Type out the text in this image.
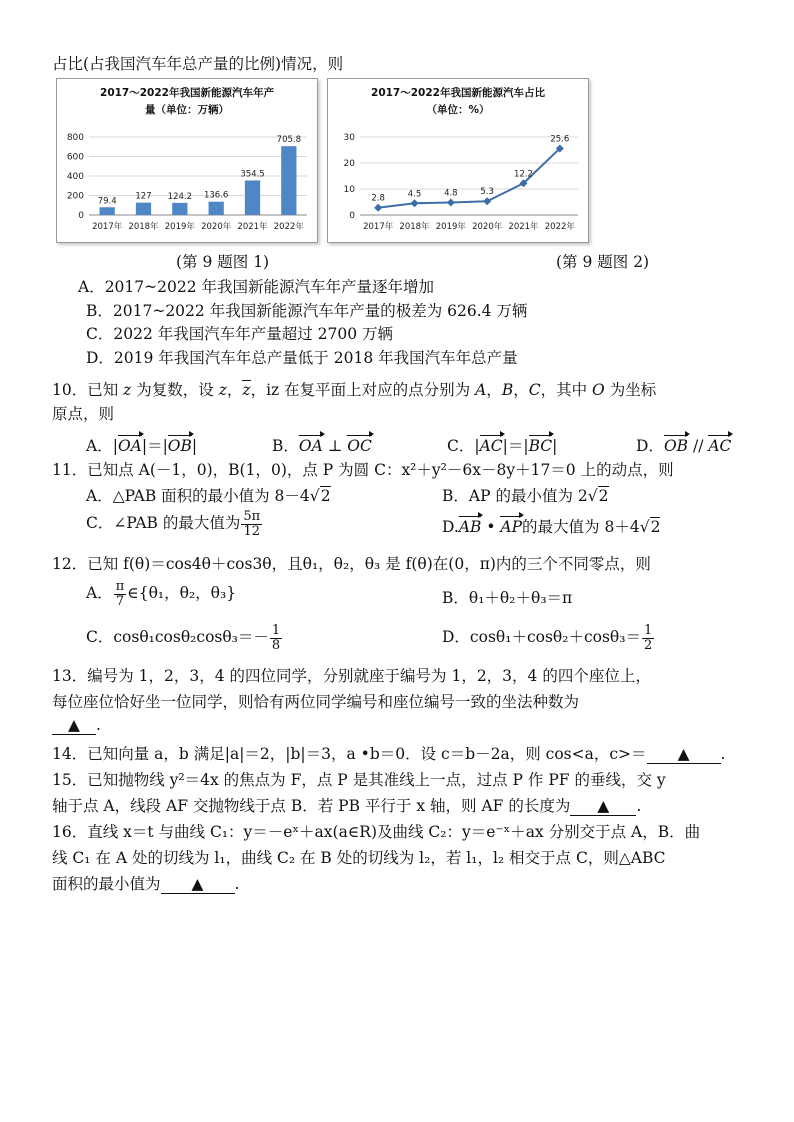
占比(占我国汽车年总产量的比例)情况，则
2017～2022年我国新能源汽车年产
量（单位：万辆）
0
200
400
600
800
2017年 2018年 2019年 2020年 2021年 2022年
79.4 127 124.2 136.6
354.5
705.8
2017～2022年我国新能源汽车占比
（单位：%）
0
10
20
30
2017年 2018年 2019年 2020年 2021年 2022年
2.8	4.5	4.8	5.3
12.2
25.6
(第 9 题图 1)	(第 9 题图 2)
A．2017~2022 年我国新能源汽车年产量逐年增加
B．2017~2022 年我国新能源汽车年产量的极差为 626.4 万辆
C．2022 年我国汽车年产量超过 2700 万辆
D．2019 年我国汽车年总产量低于 2018 年我国汽车年总产量
10．已知 z 为复数，设 z，z，iz 在复平面上对应的点分别为 A，B，C，其中 O 为坐标
原点，则
A．|OA|＝|OB|	B．OA ⊥ OC	C．|AC|＝|BC|	D．OB // AC
11．已知点 A(－1，0)，B(1，0)，点 P 为圆 C：x²＋y²－6x－8y＋17＝0 上的动点，则
A．△PAB 面积的最小值为 8－4√2	B．AP 的最小值为 2√2
C．∠PAB 的最大值为 $\frac{5\pi}{12}$	D.AB • AP的最大值为 8＋4√2
12．已知 f(θ)＝cos4θ＋cos3θ，且θ₁，θ₂，θ₃ 是 f(θ)在(0，π)内的三个不同零点，则
A． $\frac{\pi}{7}$ ∈{θ₁，θ₂，θ₃}	B．θ₁＋θ₂＋θ₃＝π
C．$\cos\theta_1\cos\theta_2\cos\theta_3=- \frac{1}{8}$	D．$\cos\theta_1+\cos\theta_2+\cos\theta_3= \frac{1}{2}$
13．编号为 1，2，3，4 的四位同学，分别就座于编号为 1，2，3，4 的四个座位上，
每位座位恰好坐一位同学，则恰有两位同学编号和座位编号一致的坐法种数为
▲ .
14．已知向量 a，b 满足|a|＝2，|b|＝3，a •b＝0．设 c＝b－2a，则 cos<a，c>＝ ▲ .
15．已知抛物线 y²＝4x 的焦点为 F，点 P 是其准线上一点，过点 P 作 PF 的垂线，交 y
轴于点 A，线段 AF 交抛物线于点 B．若 PB 平行于 x 轴，则 AF 的长度为 ▲ .
16．直线 x＝t 与曲线 C₁：y＝－eˣ＋ax(a∈R)及曲线 C₂：y＝e⁻ˣ＋ax 分别交于点 A，B．曲
线 C₁ 在 A 处的切线为 l₁，曲线 C₂ 在 B 处的切线为 l₂，若 l₁，l₂ 相交于点 C，则△ABC
面积的最小值为 ▲ .
